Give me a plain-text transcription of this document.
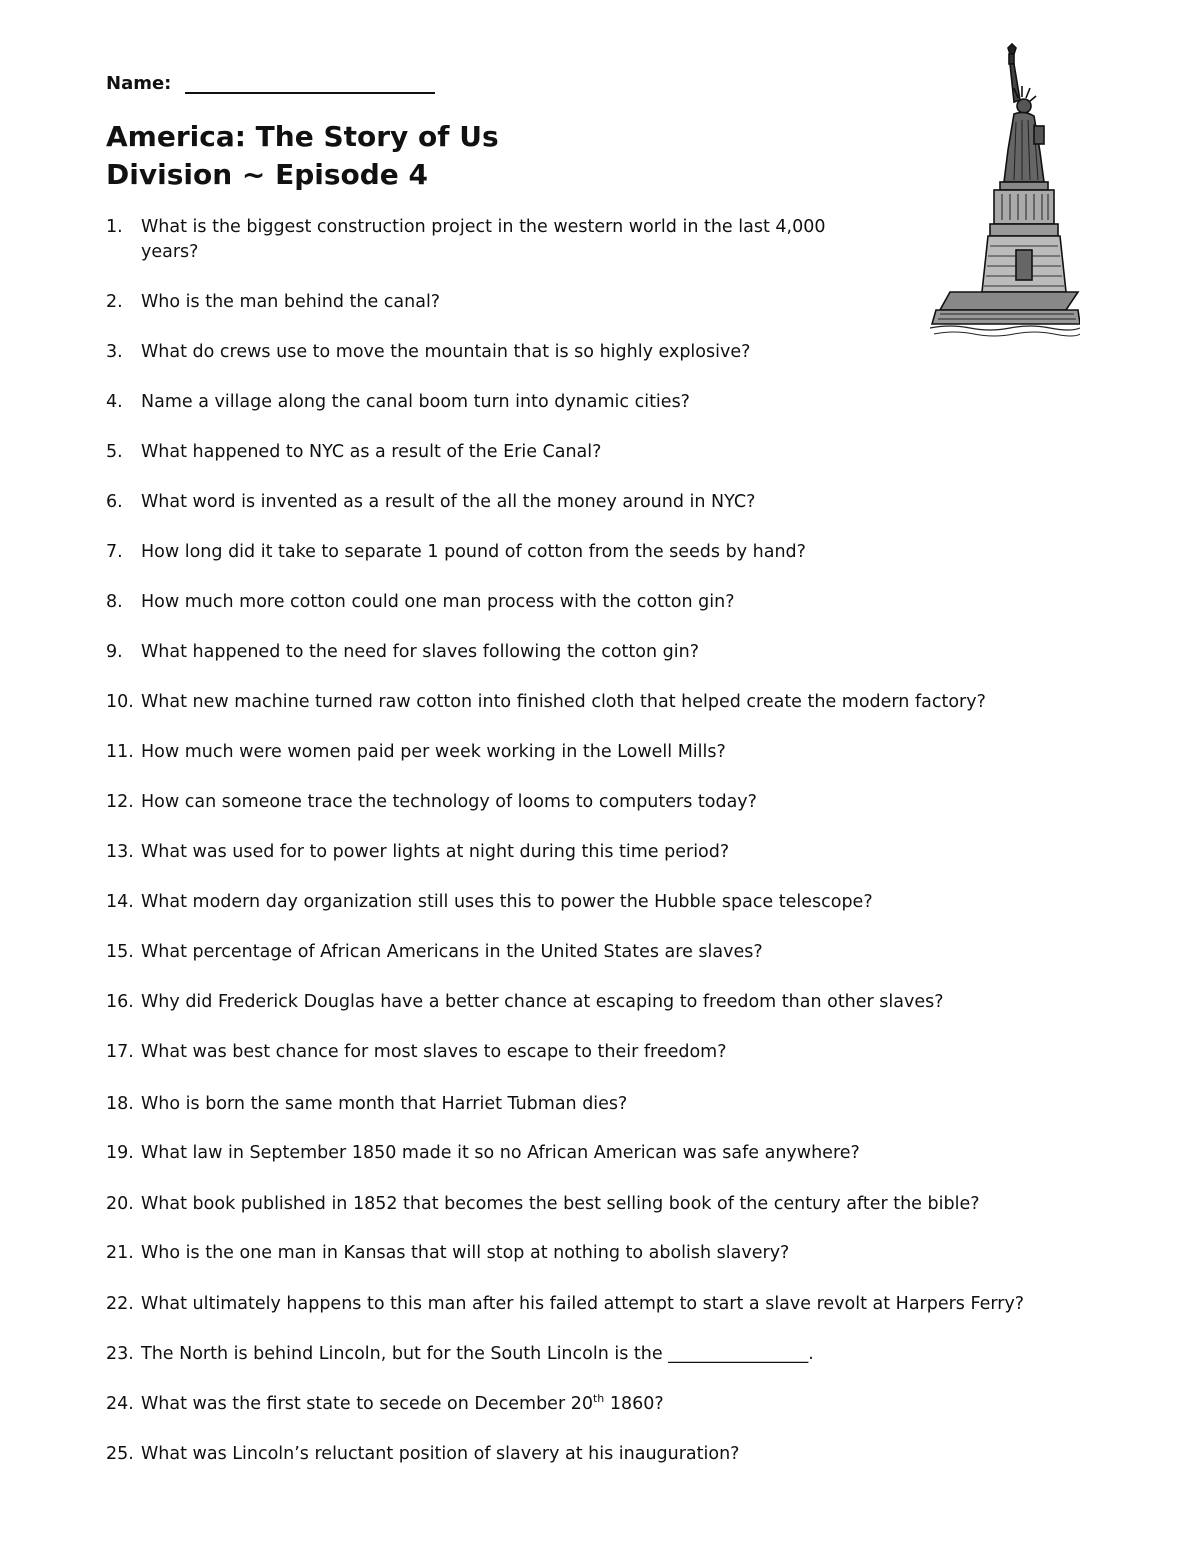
Name:
America: The Story of Us
Division ~ Episode 4
1.	What is the biggest construction project in the western world in the last 4,000 years?
2.	Who is the man behind the canal?
3.	What do crews use to move the mountain that is so highly explosive?
4.	Name a village along the canal boom turn into dynamic cities?
5.	What happened to NYC as a result of the Erie Canal?
6.	What word is invented as a result of the all the money around in NYC?
7.	How long did it take to separate 1 pound of cotton from the seeds by hand?
8.	How much more cotton could one man process with the cotton gin?
9.	What happened to the need for slaves following the cotton gin?
10. What new machine turned raw cotton into finished cloth that helped create the modern factory?
11. How much were women paid per week working in the Lowell Mills?
12. How can someone trace the technology of looms to computers today?
13. What was used for to power lights at night during this time period?
14. What modern day organization still uses this to power the Hubble space telescope?
15. What percentage of African Americans in the United States are slaves?
16. Why did Frederick Douglas have a better chance at escaping to freedom than other slaves?
17. What was best chance for most slaves to escape to their freedom?
18. Who is born the same month that Harriet Tubman dies?
19. What law in September 1850 made it so no African American was safe anywhere?
20. What book published in 1852 that becomes the best selling book of the century after the bible?
21. Who is the one man in Kansas that will stop at nothing to abolish slavery?
22. What ultimately happens to this man after his failed attempt to start a slave revolt at Harpers Ferry?
23. The North is behind Lincoln, but for the South Lincoln is the ________________.
24. What was the first state to secede on December 20th 1860?
25. What was Lincoln’s reluctant position of slavery at his inauguration?
